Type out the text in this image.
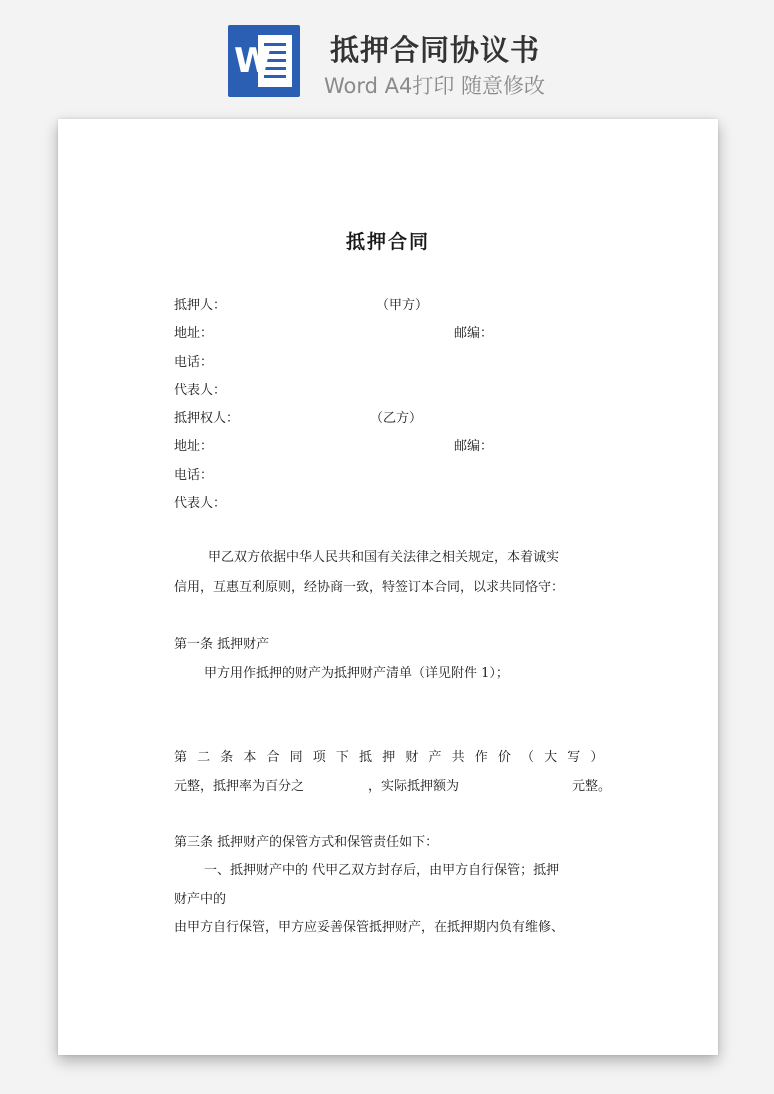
W 抵押合同协议书
Word A4打印 随意修改
抵押合同
抵押人：	（甲方）
地址：	邮编：
电话：
代表人：
抵押权人：	（乙方）
地址：	邮编：
电话：
代表人：
甲乙双方依据中华人民共和国有关法律之相关规定，本着诚实
信用，互惠互利原则，经协商一致，特签订本合同，以求共同恪守：
第一条 抵押财产
甲方用作抵押的财产为抵押财产清单（详见附件 1）；
第 二 条 本 合 同 项 下 抵 押 财 产 共 作 价 （ 大 写 ）
元整，抵押率为百分之	，实际抵押额为	元整。
第三条 抵押财产的保管方式和保管责任如下：
一、抵押财产中的 代甲乙双方封存后，由甲方自行保管；抵押
财产中的
由甲方自行保管，甲方应妥善保管抵押财产，在抵押期内负有维修、
